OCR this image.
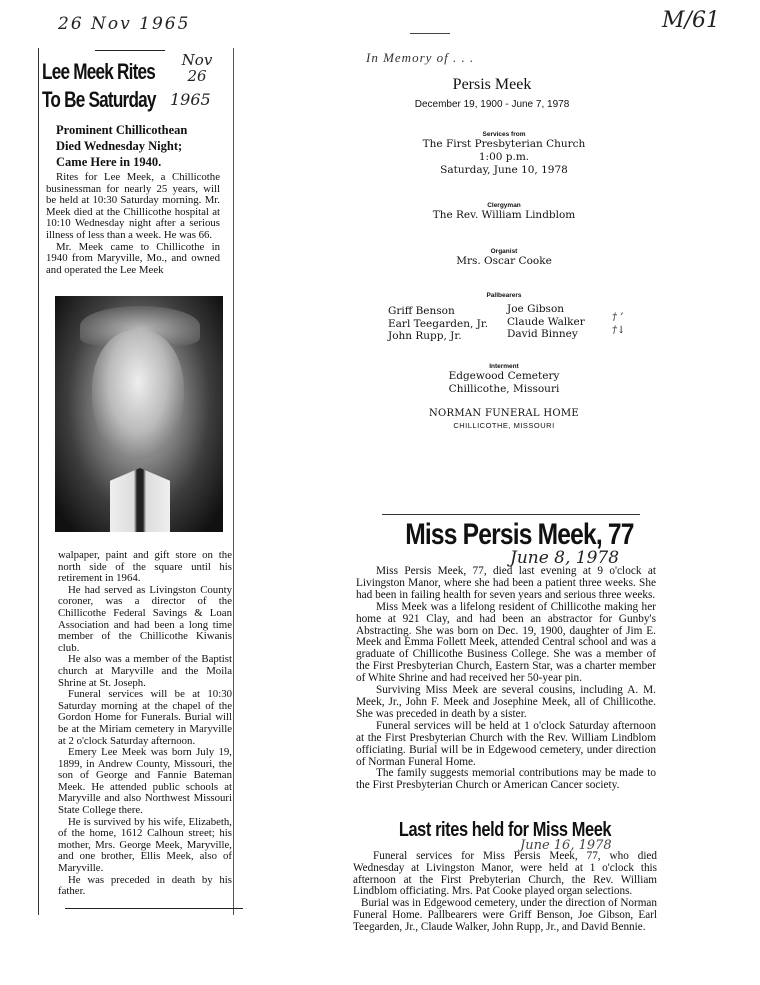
26 Nov 1965
Nov
26
1965
M/61
June 8, 1978
June 16, 1978
Lee Meek Rites
To Be Saturday
Prominent Chillicothean
Died Wednesday Night;
Came Here in 1940.

Rites for Lee Meek, a Chillicothe businessman for nearly 25 years, will be held at 10:30 Saturday morning. Mr. Meek died at the Chillicothe hospital at 10:10 Wednesday night after a serious illness of less than a week. He was 66.

Mr. Meek came to Chillicothe in 1940 from Maryville, Mo., and owned and operated the Lee Meek

walpaper, paint and gift store on the north side of the square until his retirement in 1964.

He had served as Livingston County coroner, was a director of the Chillicothe Federal Savings & Loan Association and had been a long time member of the Chillicothe Kiwanis club.

He also was a member of the Baptist church at Maryville and the Moila Shrine at St. Joseph.

Funeral services will be at 10:30 Saturday morning at the chapel of the Gordon Home for Funerals. Burial will be at the Miriam cemetery in Maryville at 2 o'clock Saturday afternoon.

Emery Lee Meek was born July 19, 1899, in Andrew County, Missouri, the son of George and Fannie Bateman Meek. He attended public schools at Maryville and also Northwest Missouri State College there.

He is survived by his wife, Elizabeth, of the home, 1612 Calhoun street; his mother, Mrs. George Meek, Maryville, and one brother, Ellis Meek, also of Maryville.

He was preceded in death by his father.

In Memory of . . .
Persis Meek
December 19, 1900 - June 7, 1978
Services from
The First Presbyterian Church
1:00 p.m.
Saturday, June 10, 1978
Clergyman
The Rev. William Lindblom
Organist
Mrs. Oscar Cooke
Pallbearers
Griff Benson
Earl Teegarden, Jr.
John Rupp, Jr.
Joe Gibson
Claude Walker
David Binney
† ’
†↓
Interment
Edgewood Cemetery
Chillicothe, Missouri
NORMAN FUNERAL HOME
CHILLICOTHE, MISSOURI
Miss Persis Meek, 77

Miss Persis Meek, 77, died last evening at 9 o'clock at Livingston Manor, where she had been a patient three weeks. She had been in failing health for seven years and serious three weeks.

Miss Meek was a lifelong resident of Chillicothe making her home at 921 Clay, and had been an abstractor for Gunby's Abstracting. She was born on Dec. 19, 1900, daughter of Jim E. Meek and Emma Follett Meek, attended Central school and was a graduate of Chillicothe Business College. She was a member of the First Presbyterian Church, Eastern Star, was a charter member of White Shrine and had received her 50-year pin.

Surviving Miss Meek are several cousins, including A. M. Meek, Jr., John F. Meek and Josephine Meek, all of Chillicothe. She was preceded in death by a sister.

Funeral services will be held at 1 o'clock Saturday afternoon at the First Presbyterian Church with the Rev. William Lindblom officiating. Burial will be in Edgewood cemetery, under direction of Norman Funeral Home.

The family suggests memorial contributions may be made to the First Presbyterian Church or American Cancer society.

Last rites held for Miss Meek

Funeral services for Miss Persis Meek, 77, who died Wednesday at Livingston Manor, were held at 1 o'clock this afternoon at the First Prebyterian Church, the Rev. William Lindblom officiating. Mrs. Pat Cooke played organ selections.

Burial was in Edgewood cemetery, under the direction of Norman Funeral Home. Pallbearers were Griff Benson, Joe Gibson, Earl Teegarden, Jr., Claude Walker, John Rupp, Jr., and David Bennie.
